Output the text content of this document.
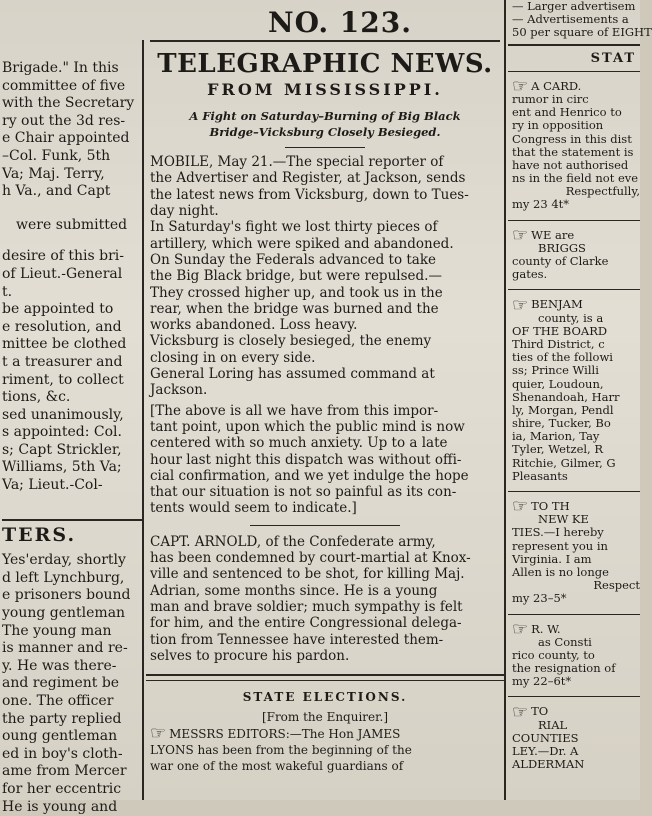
NO. 123.
Brigade." In this
committee of five
with the Secretary
ry out the 3d res-
e Chair appointed
–Col. Funk, 5th
Va; Maj. Terry,
h Va., and Capt
were submitted
desire of this bri-
of Lieut.-General
t.
be appointed to
e resolution, and
mittee be clothed
t a treasurer and
riment, to collect
tions, &c.
sed unanimously,
s appointed: Col.
s; Capt Strickler,
Williams, 5th Va;
Va; Lieut.-Col-
TERS.
Yes'erday, shortly
d left Lynchburg,
e prisoners bound
young gentleman
The young man
is manner and re-
y. He was there-
and regiment be
one. The officer
the party replied
oung gentleman
ed in boy's cloth-
ame from Mercer
for her eccentric
He is young and
TELEGRAPHIC NEWS.
FROM MISSISSIPPI.
A Fight on Saturday–Burning of Big Black
Bridge–Vicksburg Closely Besieged.
MOBILE, May 21.—The special reporter of
the Advertiser and Register, at Jackson, sends
the latest news from Vicksburg, down to Tues-
day night.
In Saturday's fight we lost thirty pieces of
artillery, which were spiked and abandoned.
On Sunday the Federals advanced to take
the Big Black bridge, but were repulsed.—
They crossed higher up, and took us in the
rear, when the bridge was burned and the
works abandoned. Loss heavy.
Vicksburg is closely besieged, the enemy
closing in on every side.
General Loring has assumed command at
Jackson.
[The above is all we have from this impor-
tant point, upon which the public mind is now
centered with so much anxiety. Up to a late
hour last night this dispatch was without offi-
cial confirmation, and we yet indulge the hope
that our situation is not so painful as its con-
tents would seem to indicate.]
CAPT. ARNOLD, of the Confederate army,
has been condemned by court-martial at Knox-
ville and sentenced to be shot, for killing Maj.
Adrian, some months since. He is a young
man and brave soldier; much sympathy is felt
for him, and the entire Congressional delega-
tion from Tennessee have interested them-
selves to procure his pardon.
STATE ELECTIONS.
[From the Enquirer.]
☞ MESSRS EDITORS:—The Hon JAMES
LYONS has been from the beginning of the
war one of the most wakeful guardians of
— Larger advertisem
— Advertisements a
50 per square of EIGHT
STAT
☞ A CARD.
rumor in circ
ent and Henrico to
ry in opposition
Congress in this dist
that the statement is
have not authorised
ns in the field not eve
Respectfully,
my 23 4t*
☞ WE are
BRIGGS
county of Clarke
gates.
☞ BENJAM
county, is a
OF THE BOARD
Third District, c
ties of the followi
ss; Prince Willi
quier, Loudoun,
Shenandoah, Harr
ly, Morgan, Pendl
shire, Tucker, Bo
ia, Marion, Tay
Tyler, Wetzel, R
Ritchie, Gilmer, G
Pleasants
☞ TO TH
NEW KE
TIES.—I hereby
represent you in
Virginia. I am
Allen is no longe
Respect
my 23–5*
☞ R. W.
as Consti
rico county, to
the resignation of
my 22–6t*
☞ TO
RIAL
COUNTIES
LEY.—Dr. A
ALDERMAN
